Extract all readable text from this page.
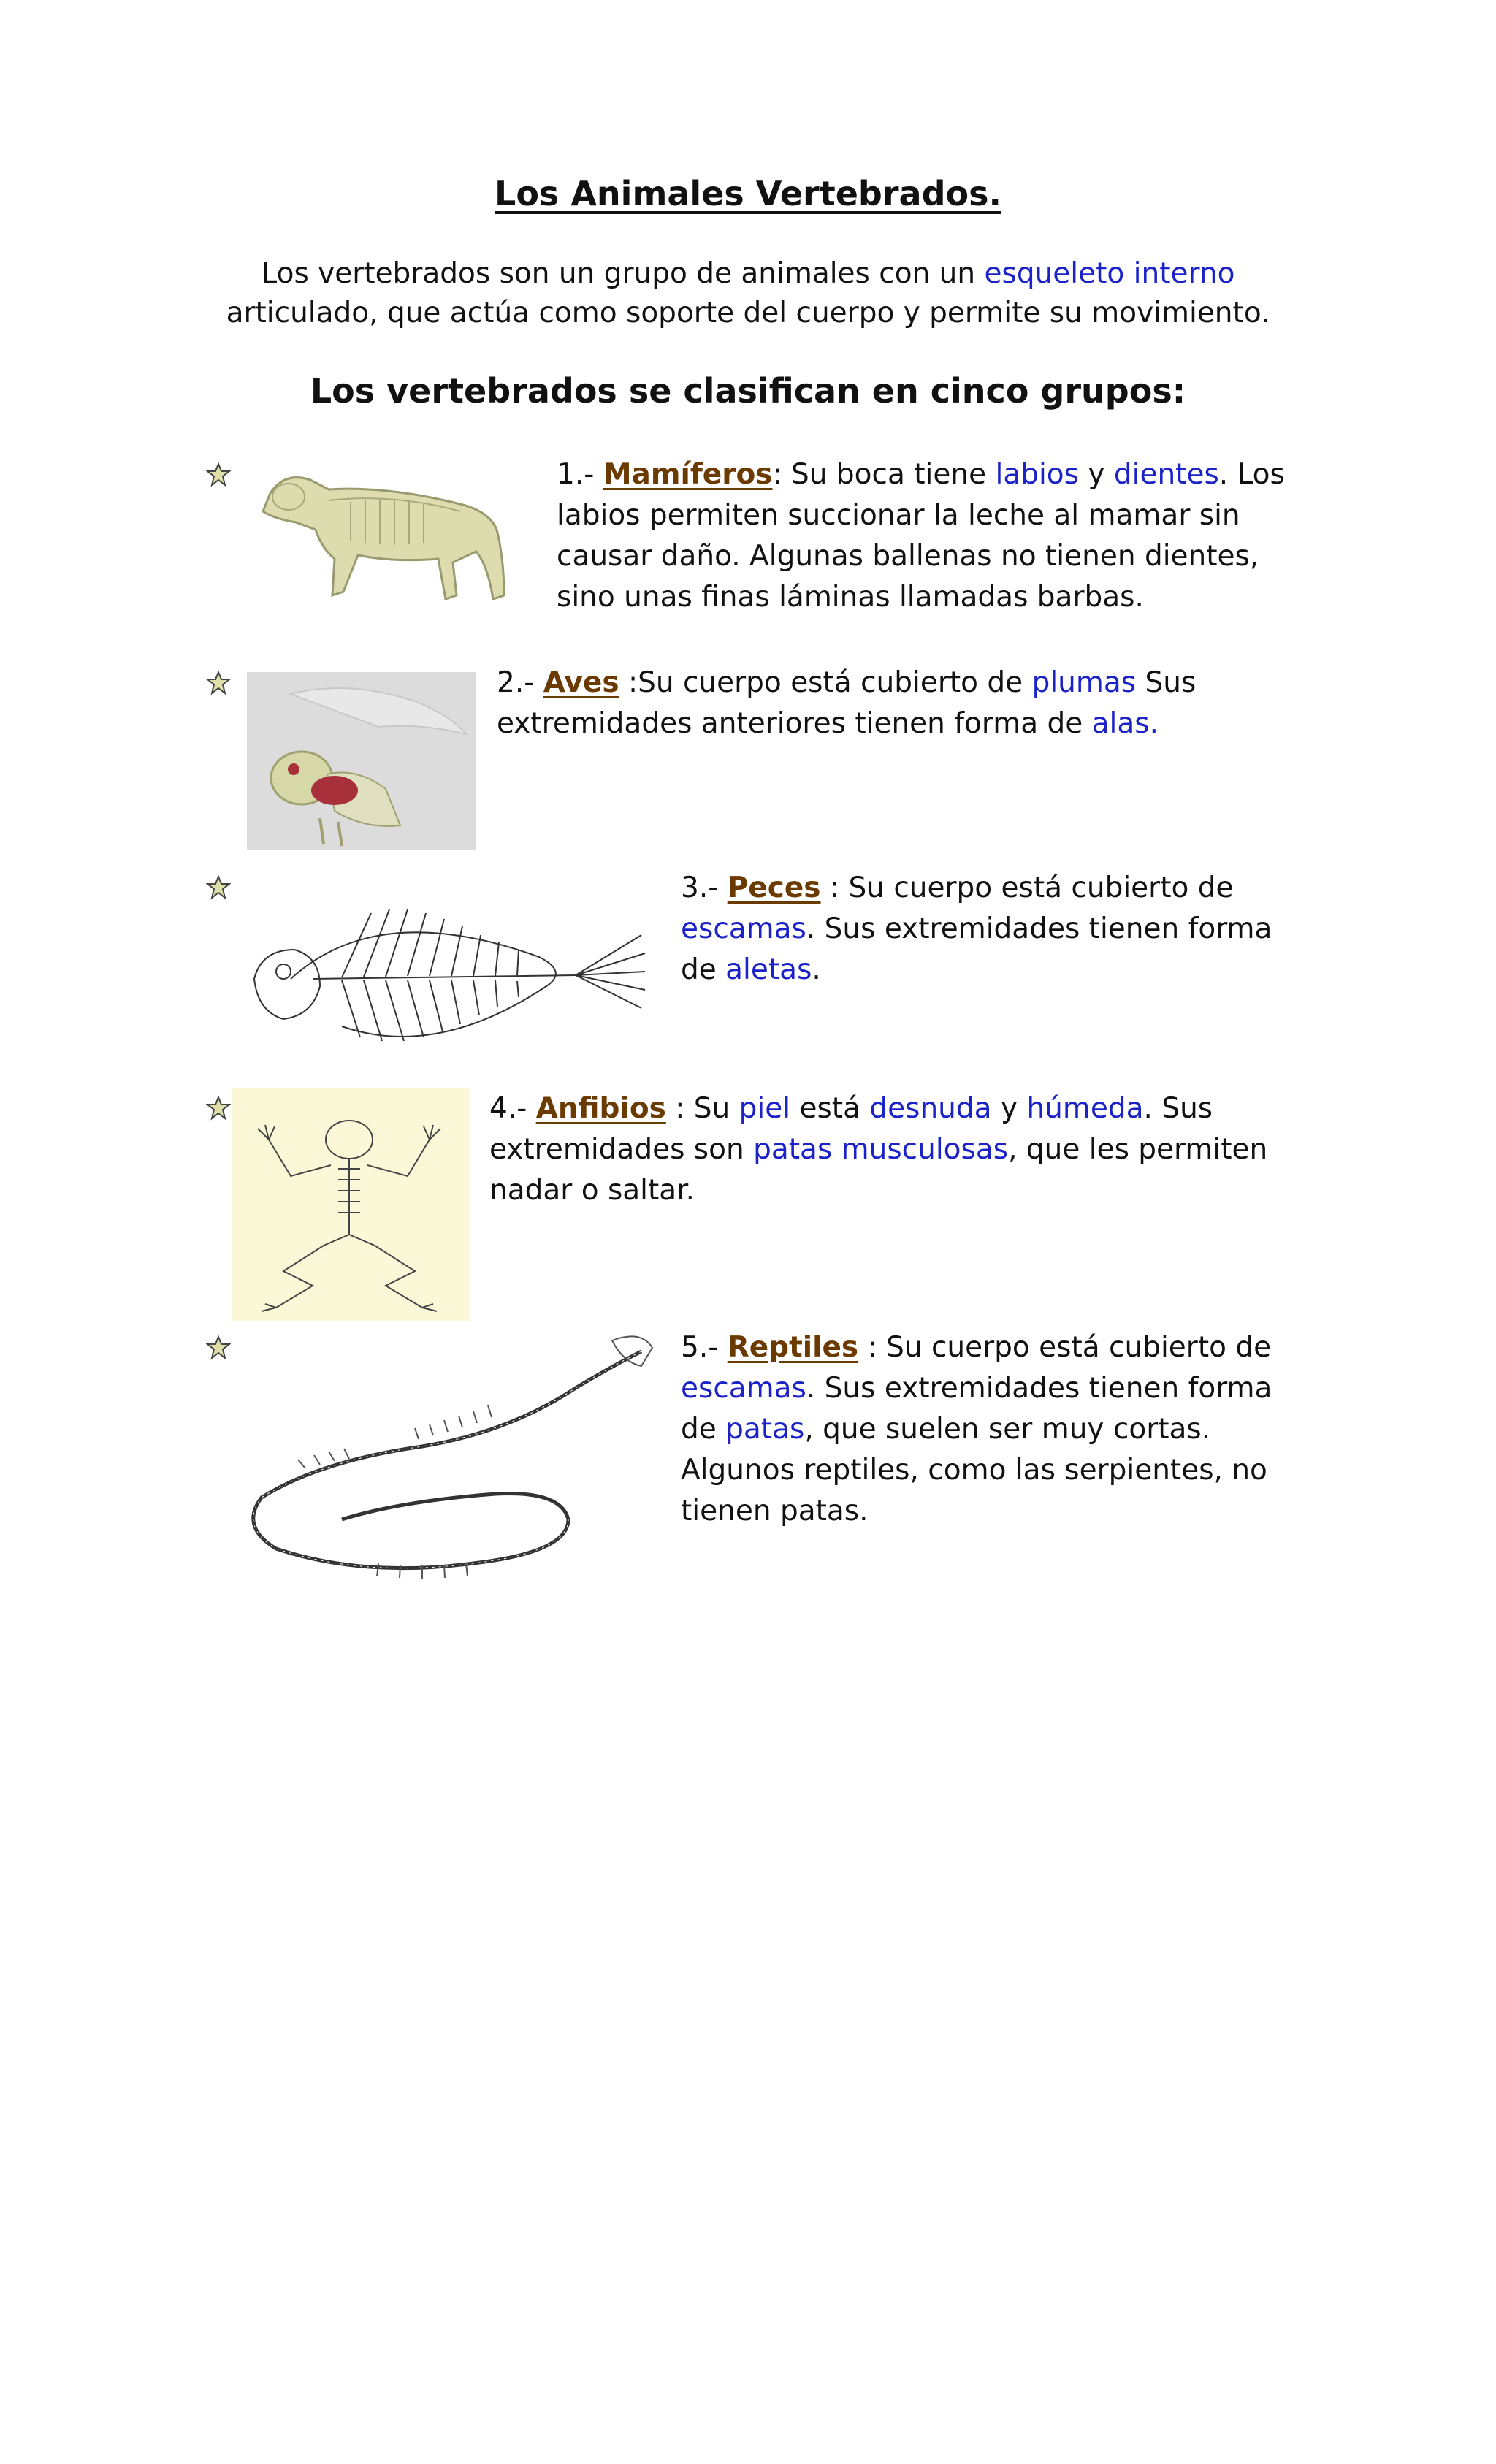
Los Animales Vertebrados.
Los vertebrados son un grupo de animales con un esqueleto interno articulado, que actúa como soporte del cuerpo y permite su movimiento.
Los vertebrados se clasifican en cinco grupos:
1.- Mamíferos: Su boca tiene labios y dientes. Los labios permiten succionar la leche al mamar sin causar daño. Algunas ballenas no tienen dientes, sino unas finas láminas llamadas barbas.
2.- Aves :Su cuerpo está cubierto de plumas Sus extremidades anteriores tienen forma de alas.
3.- Peces : Su cuerpo está cubierto de escamas. Sus extremidades tienen forma de aletas.
4.- Anfibios : Su piel está desnuda y húmeda. Sus extremidades son patas musculosas, que les permiten nadar o saltar.
5.- Reptiles : Su cuerpo está cubierto de escamas. Sus extremidades tienen forma de patas, que suelen ser muy cortas. Algunos reptiles, como las serpientes, no tienen patas.
